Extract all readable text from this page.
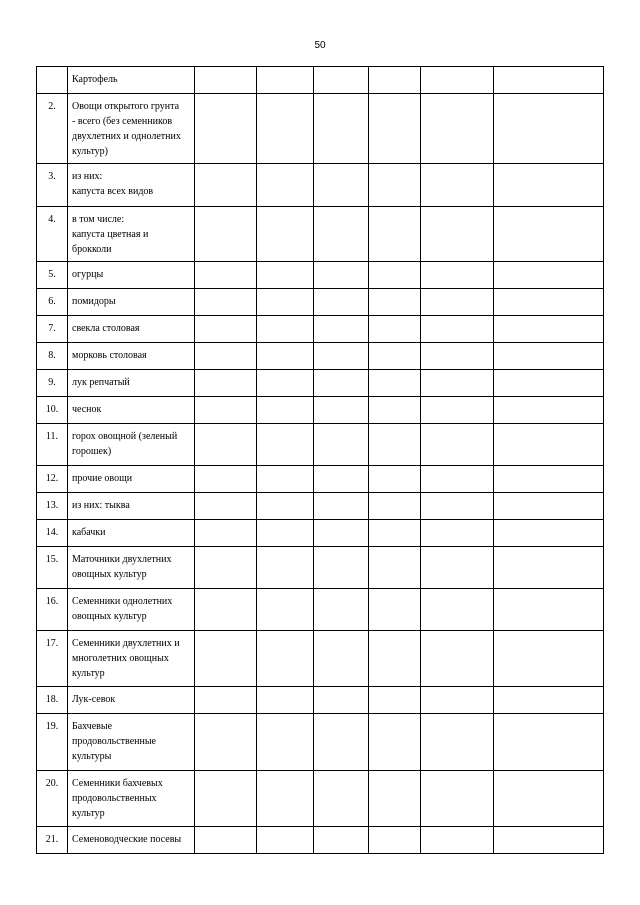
50
	Картофель						
2.	Овощи открытого грунта
- всего (без семенников
двухлетних и однолетних
культур)						
3.	из них:
капуста всех видов						
4.	в том числе:
капуста цветная и
брокколи						
5.	огурцы						
6.	помидоры						
7.	свекла столовая						
8.	морковь столовая						
9.	лук репчатый						
10.	чеснок						
11.	горох овощной (зеленый
горошек)						
12.	прочие овощи						
13.	из них: тыква						
14.	кабачки						
15.	Маточники двухлетних
овощных культур						
16.	Семенники однолетних
овощных культур						
17.	Семенники двухлетних и
многолетних овощных
культур						
18.	Лук-севок						
19.	Бахчевые
продовольственные
культуры						
20.	Семенники бахчевых
продовольственных
культур						
21.	Семеноводческие посевы						
